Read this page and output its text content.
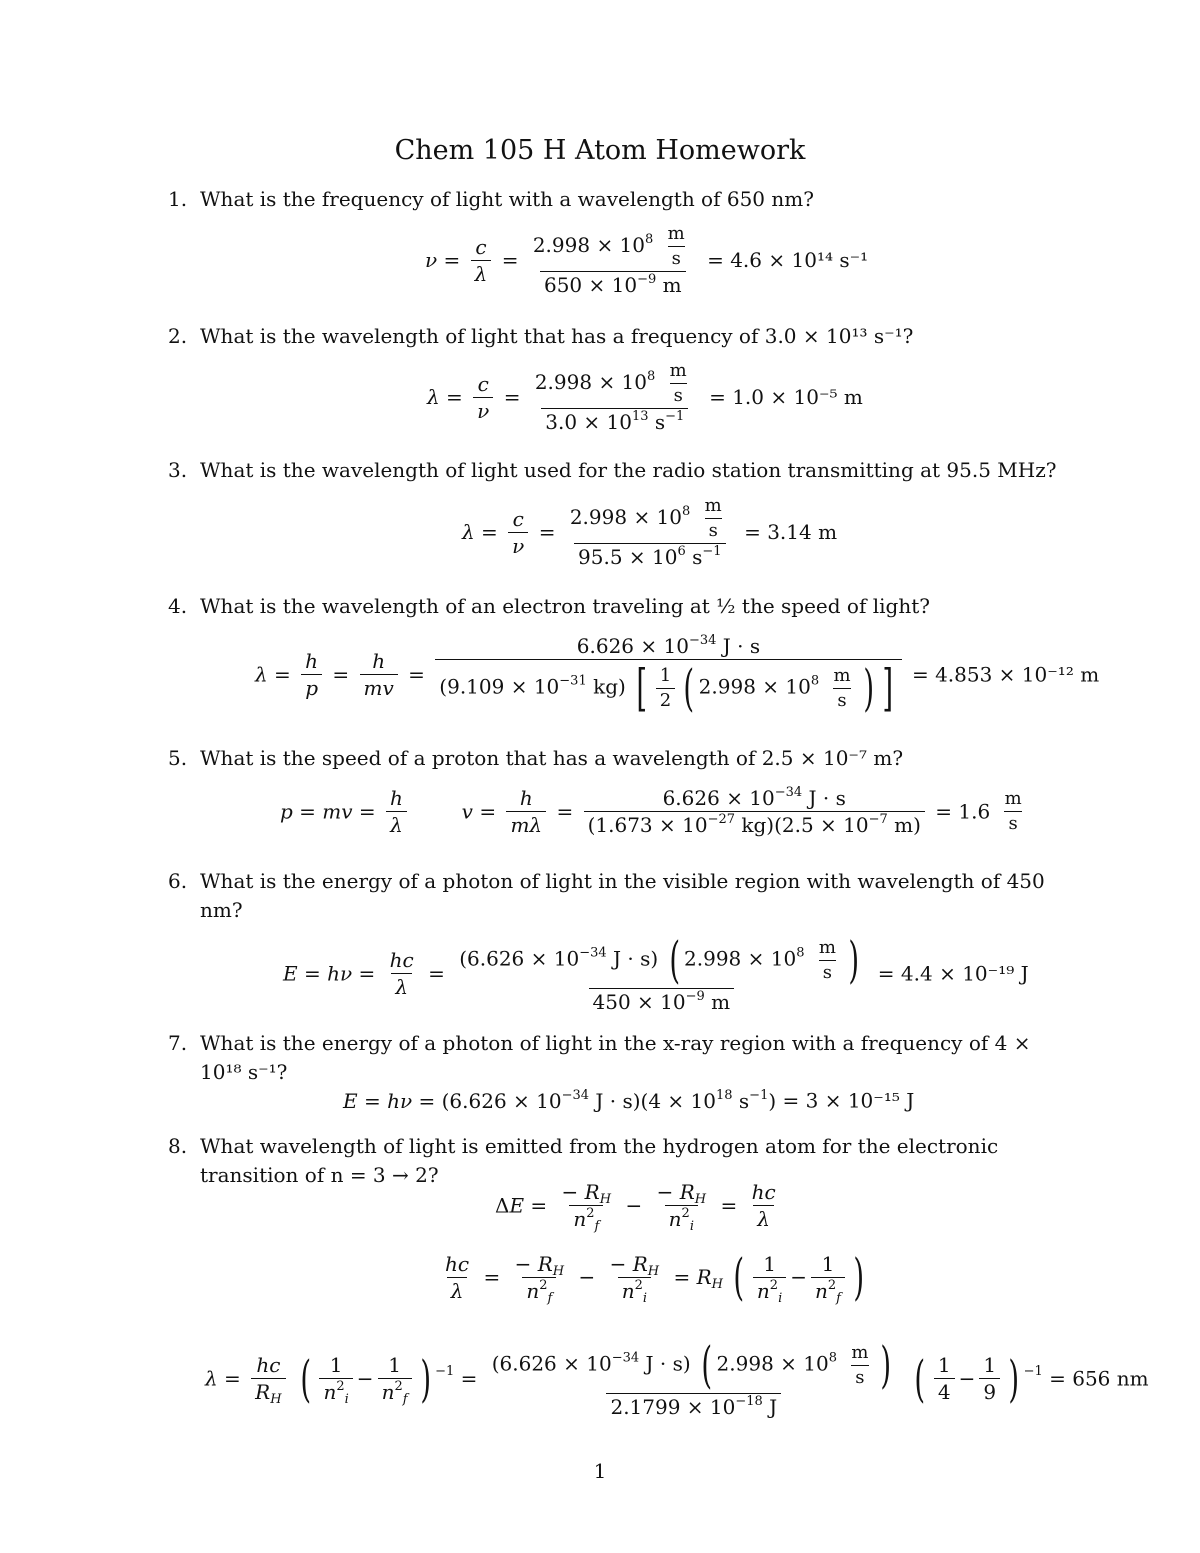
Chem 105 H Atom Homework
1. What is the frequency of light with a wavelength of 650 nm?
$\nu = \frac{c}{\lambda} = \frac{2.998 \times 10^8 \frac{m}{s}}{650 \times 10^{-9} m} = 4.6 \times 10^{14}$ s⁻¹
2. What is the wavelength of light that has a frequency of 3.0 × 10¹³ s⁻¹?
$\lambda = \frac{c}{\nu} = \frac{2.998 \times 10^8 \frac{m}{s}}{3.0 \times 10^{13} s^{-1}} = 1.0 \times 10^{-5}$ m
3. What is the wavelength of light used for the radio station transmitting at 95.5 MHz?
$\lambda = \frac{c}{\nu} = \frac{2.998 \times 10^8 \frac{m}{s}}{95.5 \times 10^6 s^{-1}} = 3.14$ m
4. What is the wavelength of an electron traveling at ½ the speed of light?
$\lambda = \frac{h}{p} = \frac{h}{mv} = \frac{6.626 \times 10^{-34} J \cdot s}{(9.109 \times 10^{-31} kg) [ \frac{1}{2} ( 2.998 \times 10^8 \frac{m}{s} ) ]} = 4.853 \times 10^{-12}$ m
5. What is the speed of a proton that has a wavelength of 2.5 × 10⁻⁷ m?
p = mv = $\frac{h}{\lambda}$	$v = \frac{h}{m\lambda} = \frac{6.626 \times 10^{-34} J \cdot s}{(1.673 \times 10^{-27} kg)(2.5 \times 10^{-7} m)} = 1.6 \frac{m}{s}$
6. What is the energy of a photon of light in the visible region with wavelength of 450 nm?
$E = h\nu = \frac{hc}{\lambda} = \frac{(6.626 \times 10^{-34} J \cdot s) ( 2.998 \times 10^8 \frac{m}{s} )}{450 \times 10^{-9} m} = 4.4 \times 10^{-19}$ J
7. What is the energy of a photon of light in the x-ray region with a frequency of 4 × 10¹⁸ s⁻¹?
$E = h\nu = (6.626 \times 10^{-34}$ $J \cdot s)(4 \times 10^{18}$ $s^{-1}) = 3 \times 10^{-15}$ J
8. What wavelength of light is emitted from the hydrogen atom for the electronic transition of n = 3 → 2?
$\Delta E = \frac{- R_H}{n^2_f} - \frac{- R_H}{n^2_i} = \frac{hc}{\lambda}$
$\frac{hc}{\lambda} = \frac{- R_H}{n^2_f} - \frac{- R_H}{n^2_i} = R_H$ ( $\frac{1}{n^2_i} - \frac{1}{n^2_f}$ )
$\lambda = \frac{hc}{R_H}$ ( $\frac{1}{n^2_i} - \frac{1}{n^2_f}$ ) $^{-1} = \frac{(6.626 \times 10^{-34} J \cdot s) ( 2.998 \times 10^8 \frac{m}{s} )}{2.1799 \times 10^{-18} J}$ ( $\frac{1}{4} - \frac{1}{9}$ ) $^{-1}$ = 656 nm
1
